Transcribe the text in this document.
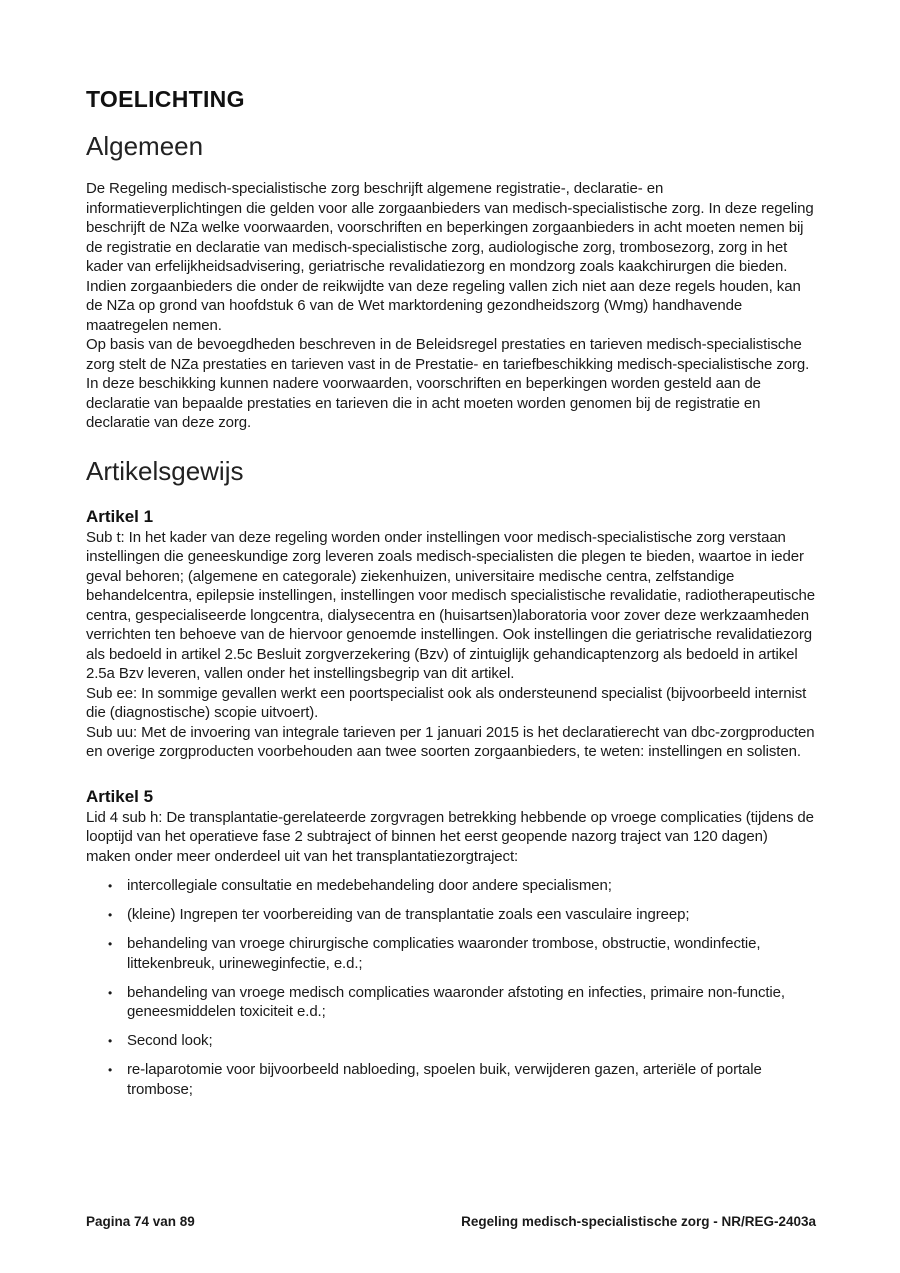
TOELICHTING
Algemeen

De Regeling medisch-specialistische zorg beschrijft algemene registratie-, declaratie- en informatieverplichtingen die gelden voor alle zorgaanbieders van medisch-specialistische zorg. In deze regeling beschrijft de NZa welke voorwaarden, voorschriften en beperkingen zorgaanbieders in acht moeten nemen bij de registratie en declaratie van medisch-specialistische zorg, audiologische zorg, trombosezorg, zorg in het kader van erfelijkheidsadvisering, geriatrische revalidatiezorg en mondzorg zoals kaakchirurgen die bieden.

Indien zorgaanbieders die onder de reikwijdte van deze regeling vallen zich niet aan deze regels houden, kan de NZa op grond van hoofdstuk 6 van de Wet marktordening gezondheidszorg (Wmg) handhavende maatregelen nemen.

Op basis van de bevoegdheden beschreven in de Beleidsregel prestaties en tarieven medisch-specialistische zorg stelt de NZa prestaties en tarieven vast in de Prestatie- en tariefbeschikking medisch-specialistische zorg. In deze beschikking kunnen nadere voorwaarden, voorschriften en beperkingen worden gesteld aan de declaratie van bepaalde prestaties en tarieven die in acht moeten worden genomen bij de registratie en declaratie van deze zorg.

Artikelsgewijs
Artikel 1

Sub t: In het kader van deze regeling worden onder instellingen voor medisch-specialistische zorg verstaan instellingen die geneeskundige zorg leveren zoals medisch-specialisten die plegen te bieden, waartoe in ieder geval behoren; (algemene en categorale) ziekenhuizen, universitaire medische centra, zelfstandige behandelcentra, epilepsie instellingen, instellingen voor medisch specialistische revalidatie, radiotherapeutische centra, gespecialiseerde longcentra, dialysecentra en (huisartsen)laboratoria voor zover deze werkzaamheden verrichten ten behoeve van de hiervoor genoemde instellingen. Ook instellingen die geriatrische revalidatiezorg als bedoeld in artikel 2.5c Besluit zorgverzekering (Bzv) of zintuiglijk gehandicaptenzorg als bedoeld in artikel 2.5a Bzv leveren, vallen onder het instellingsbegrip van dit artikel.

Sub ee: In sommige gevallen werkt een poortspecialist ook als ondersteunend specialist (bijvoorbeeld internist die (diagnostische) scopie uitvoert).

Sub uu: Met de invoering van integrale tarieven per 1 januari 2015 is het declaratierecht van dbc-zorgproducten en overige zorgproducten voorbehouden aan twee soorten zorgaanbieders, te weten: instellingen en solisten.

Artikel 5

Lid 4 sub h: De transplantatie-gerelateerde zorgvragen betrekking hebbende op vroege complicaties (tijdens de looptijd van het operatieve fase 2 subtraject of binnen het eerst geopende nazorg traject van 120 dagen) maken onder meer onderdeel uit van het transplantatiezorgtraject:

• intercollegiale consultatie en medebehandeling door andere specialismen;
• (kleine) Ingrepen ter voorbereiding van de transplantatie zoals een vasculaire ingreep;
• behandeling van vroege chirurgische complicaties waaronder trombose, obstructie, wondinfectie, littekenbreuk, urineweginfectie, e.d.;
• behandeling van vroege medisch complicaties waaronder afstoting en infecties, primaire non-functie, geneesmiddelen toxiciteit e.d.;
• Second look;
• re-laparotomie voor bijvoorbeeld nabloeding, spoelen buik, verwijderen gazen, arteriële of portale trombose;
Pagina 74 van 89	Regeling medisch-specialistische zorg - NR/REG-2403a
